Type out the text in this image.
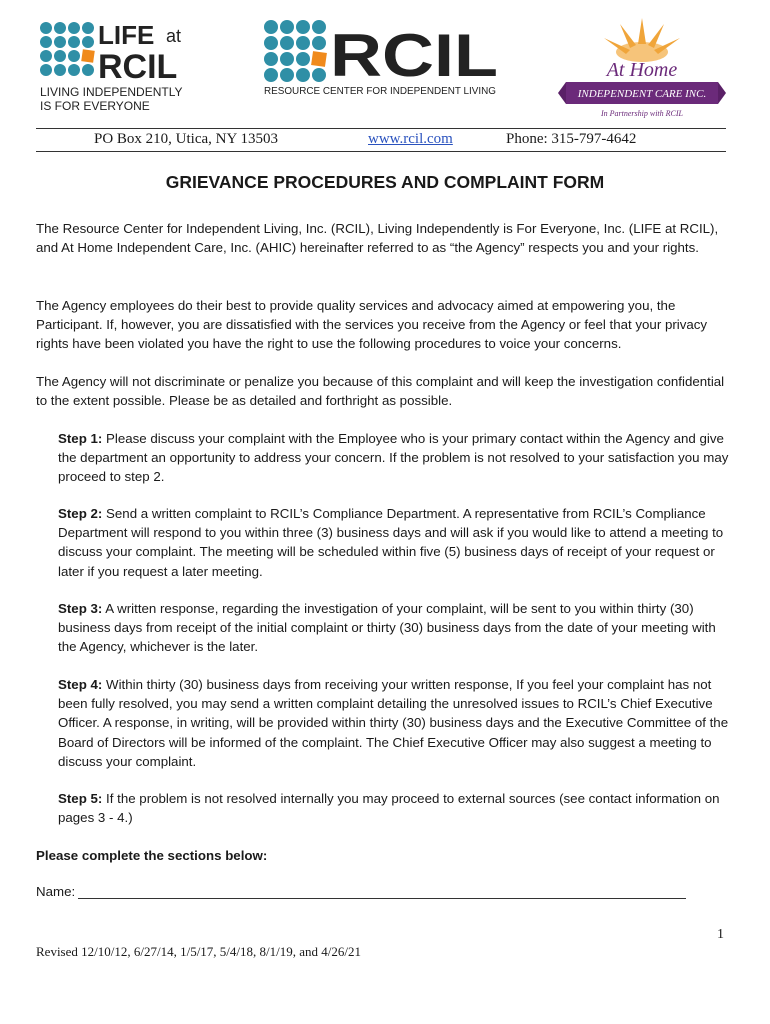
LIFE at
RCIL
LIVING INDEPENDENTLY
IS FOR EVERYONE
RCIL
RESOURCE CENTER FOR INDEPENDENT LIVING
At Home
INDEPENDENT CARE INC.
In Partnership with RCIL
PO Box 210, Utica, NY 13503	www.rcil.com	Phone: 315-797-4642
GRIEVANCE PROCEDURES AND COMPLAINT FORM
The Resource Center for Independent Living, Inc. (RCIL), Living Independently is For Everyone, Inc. (LIFE at RCIL), and At Home Independent Care, Inc. (AHIC) hereinafter referred to as “the Agency” respects you and your rights.
The Agency employees do their best to provide quality services and advocacy aimed at empowering you, the Participant. If, however, you are dissatisfied with the services you receive from the Agency or feel that your privacy rights have been violated you have the right to use the following procedures to voice your concerns.
The Agency will not discriminate or penalize you because of this complaint and will keep the investigation confidential to the extent possible. Please be as detailed and forthright as possible.
Step 1: Please discuss your complaint with the Employee who is your primary contact within the Agency and give the department an opportunity to address your concern. If the problem is not resolved to your satisfaction you may proceed to step 2.
Step 2: Send a written complaint to RCIL’s Compliance Department. A representative from RCIL’s Compliance Department will respond to you within three (3) business days and will ask if you would like to attend a meeting to discuss your complaint. The meeting will be scheduled within five (5) business days of receipt of your request or later if you request a later meeting.
Step 3: A written response, regarding the investigation of your complaint, will be sent to you within thirty (30) business days from receipt of the initial complaint or thirty (30) business days from the date of your meeting with the Agency, whichever is the later.
Step 4: Within thirty (30) business days from receiving your written response, If you feel your complaint has not been fully resolved, you may send a written complaint detailing the unresolved issues to RCIL’s Chief Executive Officer. A response, in writing, will be provided within thirty (30) business days and the Executive Committee of the Board of Directors will be informed of the complaint. The Chief Executive Officer may also suggest a meeting to discuss your complaint.
Step 5: If the problem is not resolved internally you may proceed to external sources (see contact information on pages 3 - 4.)
Please complete the sections below:
Name:
1
Revised 12/10/12, 6/27/14, 1/5/17, 5/4/18, 8/1/19, and 4/26/21
